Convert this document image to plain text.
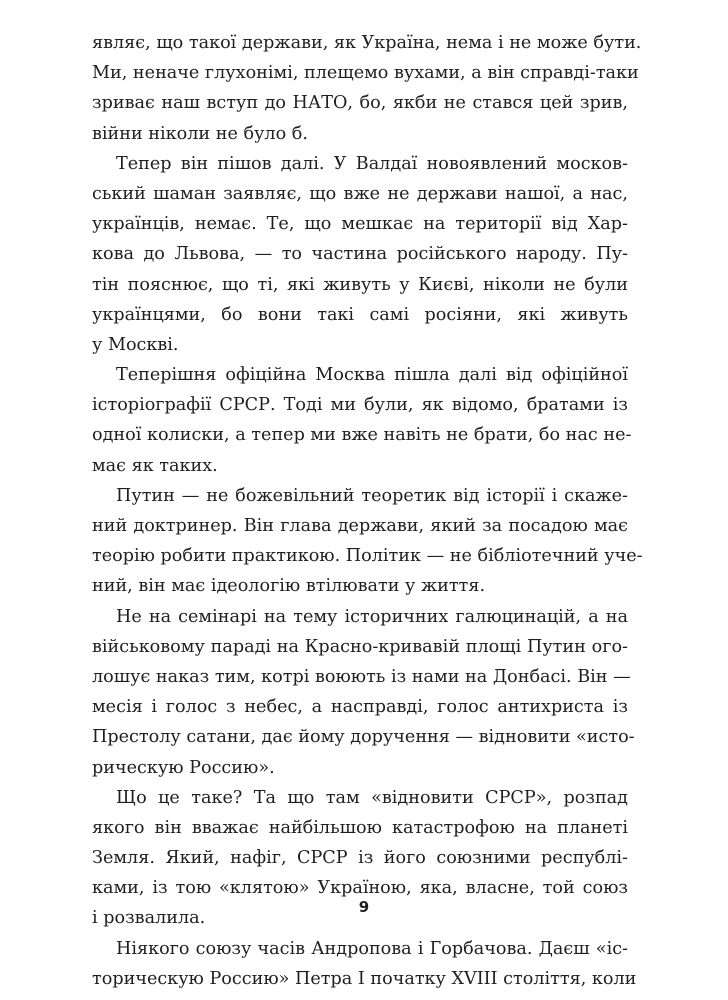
являє, що такої держави, як Україна, нема і не може бути.
Ми, неначе глухонімі, плещемо вухами, а він справді-таки
зриває наш вступ до НАТО, бо, якби не стався цей зрив,
війни ніколи не було б.
Тепер він пішов далі. У Валдаї новоявлений москов-
ський шаман заявляє, що вже не держави нашої, а нас,
українців, немає. Те, що мешкає на території від Хар-
кова до Львова, — то частина російського народу. Пу-
тін пояснює, що ті, які живуть у Києві, ніколи не були
українцями, бо вони такі самі росіяни, які живуть
у Москві.
Теперішня офіційна Москва пішла далі від офіційної
історіографії СРСР. Тоді ми були, як відомо, братами із
одної колиски, а тепер ми вже навіть не брати, бо нас не-
має як таких.
Путин — не божевільний теоретик від історії і скаже-
ний доктринер. Він глава держави, який за посадою має
теорію робити практикою. Політик — не бібліотечний учe-
ний, він має ідеологію втілювати у життя.
Не на семінарі на тему історичних галюцинацій, а на
військовому параді на Красно-кривавій площі Путин ого-
лошує наказ тим, котрі воюють із нами на Донбасі. Він —
месія і голос з небес, а насправді, голос антихриста із
Престолу сатани, дає йому доручення — відновити «исто-
рическую Россию».
Що це таке? Та що там «відновити СРСР», розпад
якого він вважає найбільшою катастрофою на планеті
Земля. Який, нафіг, СРСР із його союзними республі-
ками, із тою «клятою» Україною, яка, власне, той союз
і розвалила.
Ніякого союзу часів Андропова і Горбачова. Даєш «іс-
торическую Россию» Петра I початку XVIII століття, коли
9
